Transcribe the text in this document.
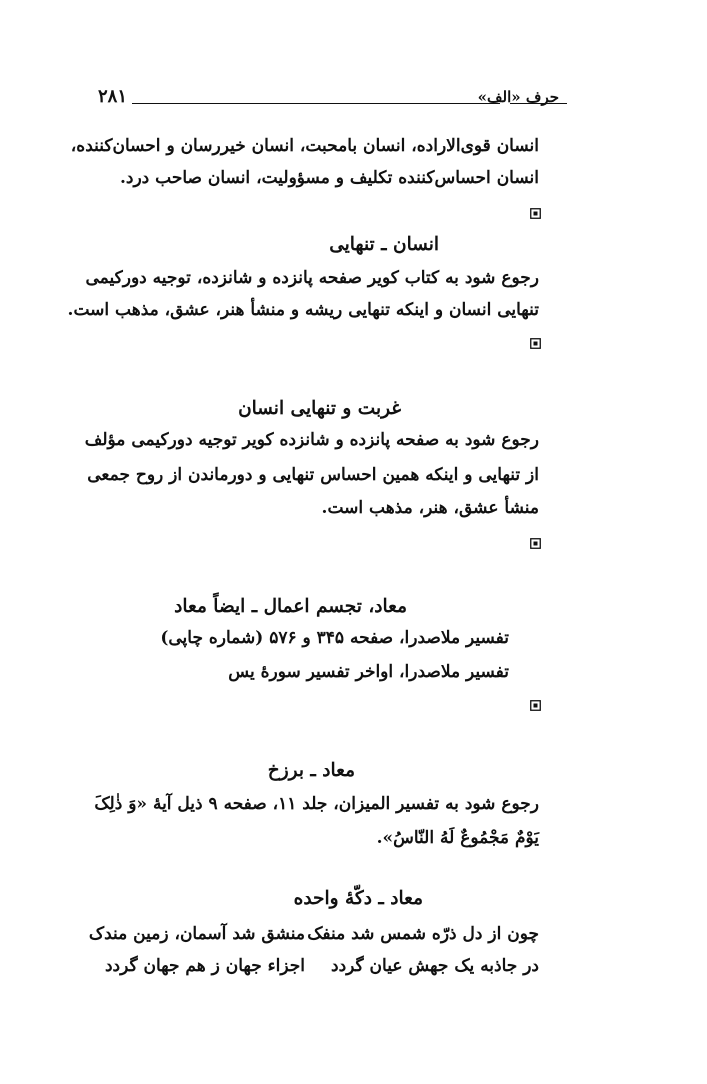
حرف «الف»
۲۸۱
انسان قوی‌الاراده، انسان بامحبت، انسان خیررسان و احسان‌کننده،
انسان احساس‌کننده تکلیف و مسؤولیت، انسان صاحب درد.
انسان ـ تنهایی
رجوع شود به کتاب کویر صفحه پانزده و شانزده، توجیه دورکیمی
تنهایی انسان و اینکه تنهایی ریشه و منشأ هنر، عشق، مذهب است.
غربت و تنهایی انسان
رجوع شود به صفحه پانزده و شانزده کویر توجیه دورکیمی مؤلف
از تنهایی و اینکه همین احساس تنهایی و دورماندن از روح جمعی
منشأ عشق، هنر، مذهب است.
معاد، تجسم اعمال ـ ایضاً معاد
تفسیر ملاصدرا، صفحه ۳۴۵ و ۵۷۶ (شماره چاپی)
تفسیر ملاصدرا، اواخر تفسیر سورهٔ یس
معاد ـ برزخ
رجوع شود به تفسیر المیزان، جلد ۱۱، صفحه ۹ ذیل آیهٔ «وَ ذٰلِکَ
یَوْمٌ مَجْمُوعٌ لَهُ النّاسُ».
معاد ـ دکّهٔ واحده
چون از دل ذرّه شمس شد منفک
منشق شد آسمان، زمین مندک
در جاذبه یک جهش عیان گردد
اجزاء جهان ز هم جهان گردد
